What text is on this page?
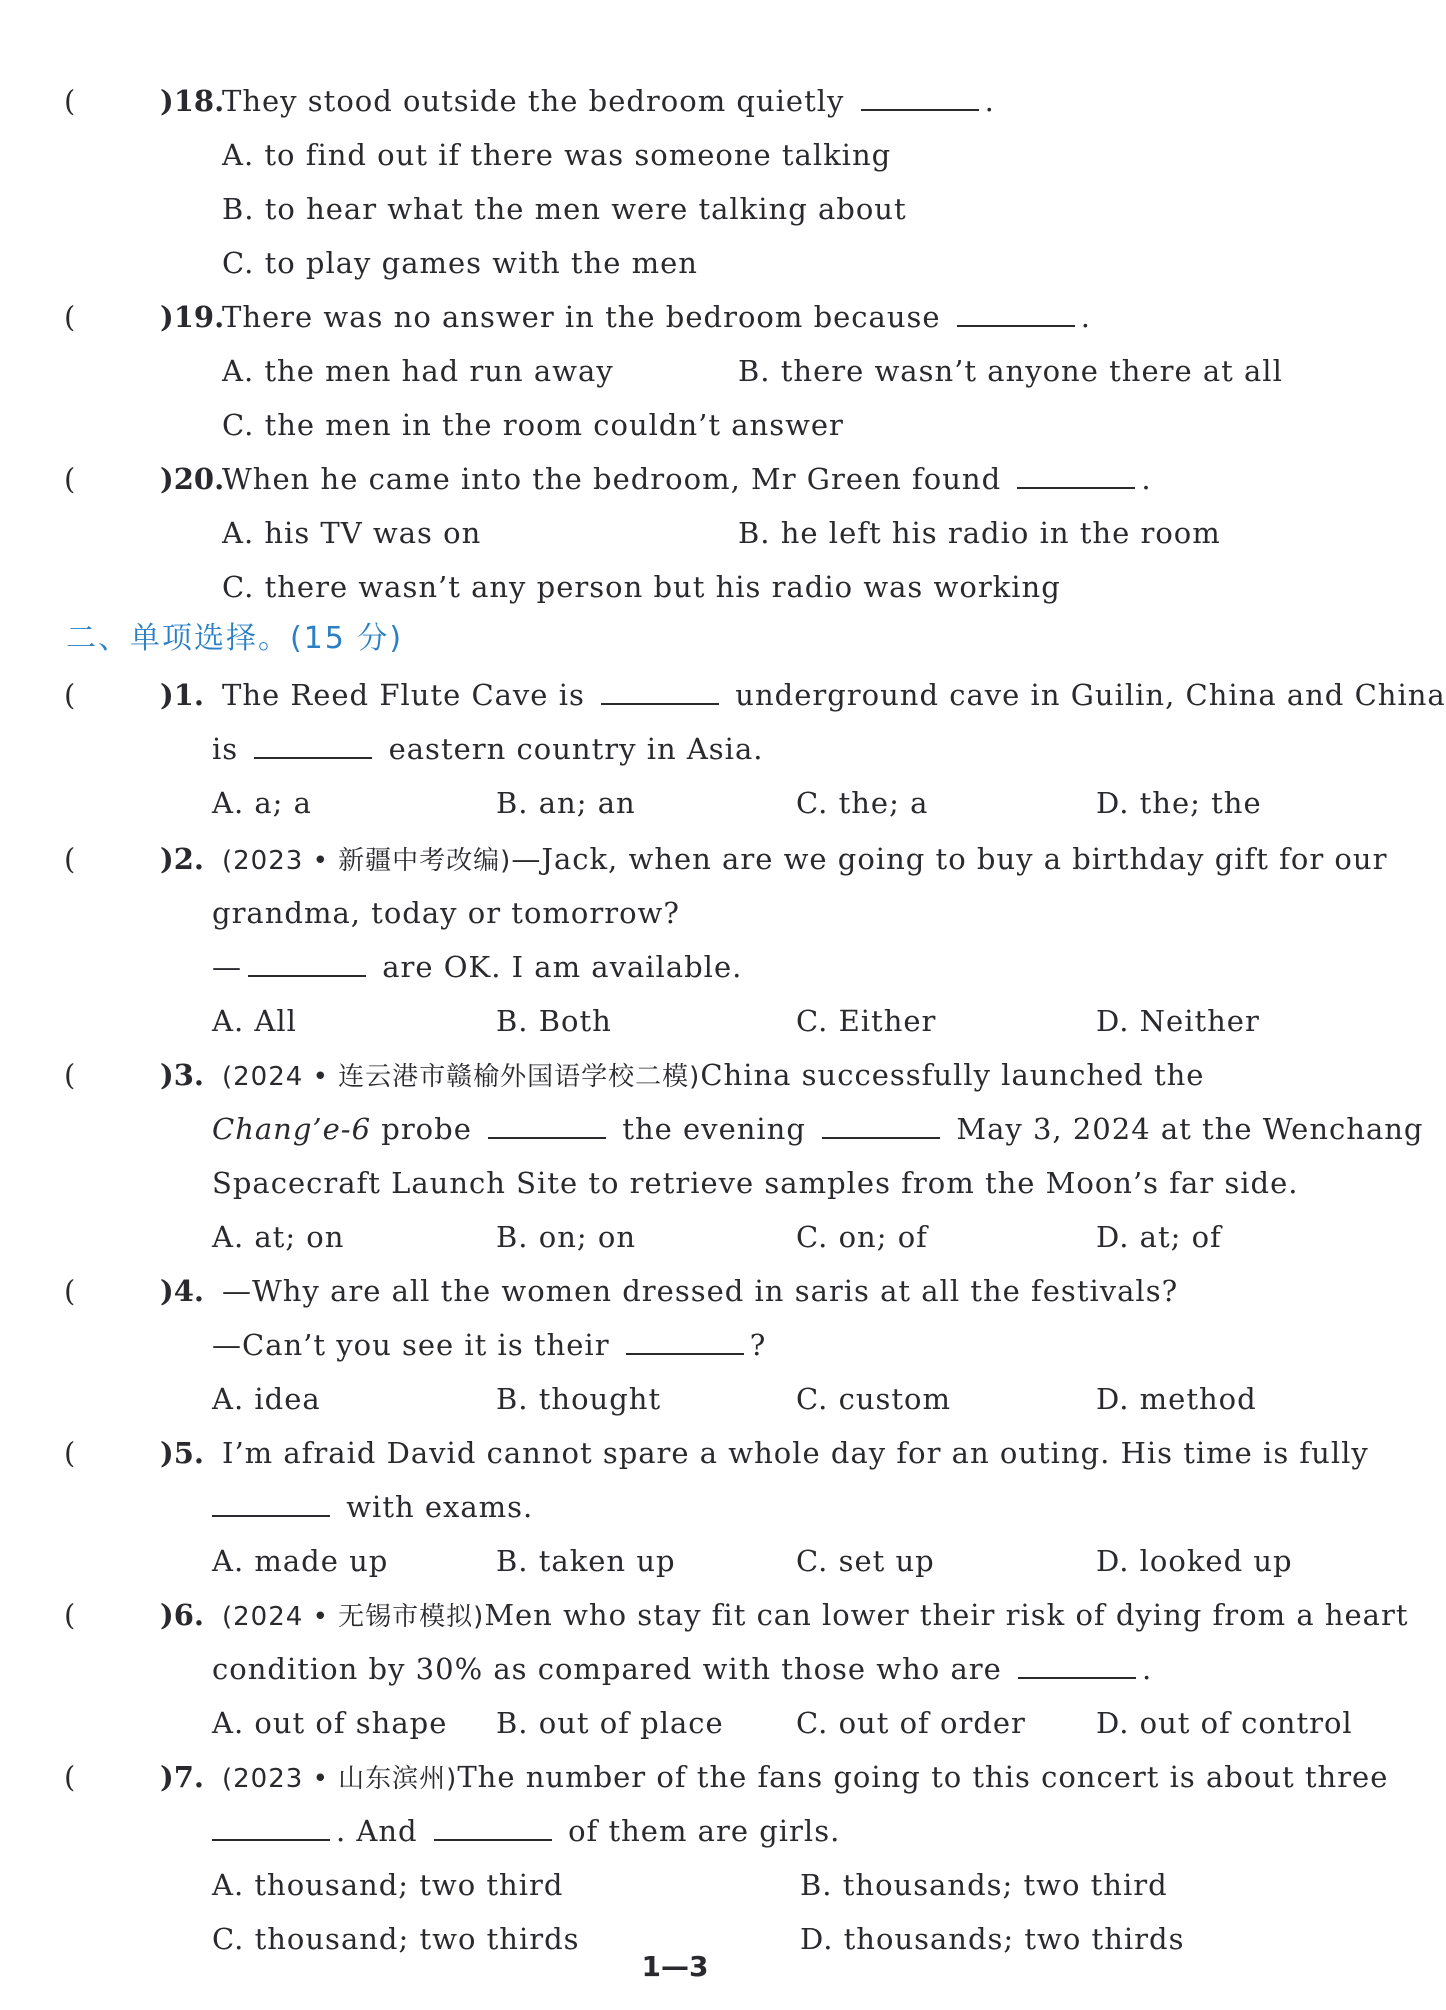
(	)18.
They stood outside the bedroom quietly	.
A. to find out if there was someone talking
B. to hear what the men were talking about
C. to play games with the men
(	)19.
There was no answer in the bedroom because	.
A. the men had run away	B. there wasn’t anyone there at all
C. the men in the room couldn’t answer
(	)20.
When he came into the bedroom, Mr Green found	.
A. his TV was on	B. he left his radio in the room
C. there wasn’t any person but his radio was working
二、单项选择。(15 分)
(	)1. The Reed Flute Cave is	underground cave in Guilin, China and China
is	eastern country in Asia.
A. a; a	B. an; an	C. the; a	D. the; the
(	)2. (2023 • 新疆中考改编)—Jack, when are we going to buy a birthday gift for our
grandma, today or tomorrow?
—	are OK. I am available.
A. All	B. Both	C. Either	D. Neither
(	)3. (2024 • 连云港市赣榆外国语学校二模)China successfully launched the
Chang’e-6 probe	the evening	May 3, 2024 at the Wenchang
Spacecraft Launch Site to retrieve samples from the Moon’s far side.
A. at; on	B. on; on	C. on; of	D. at; of
(	)4. —Why are all the women dressed in saris at all the festivals?
—Can’t you see it is their	?
A. idea	B. thought	C. custom	D. method
(	)5. I’m afraid David cannot spare a whole day for an outing. His time is fully
with exams.
A. made up	B. taken up	C. set up	D. looked up
(	)6. (2024 • 无锡市模拟)Men who stay fit can lower their risk of dying from a heart
condition by 30% as compared with those who are	.
A. out of shape B. out of place C. out of order D. out of control
(	)7. (2023 • 山东滨州)The number of the fans going to this concert is about three
. And	of them are girls.
A. thousand; two third	B. thousands; two third
C. thousand; two thirds	D. thousands; two thirds
1—3
